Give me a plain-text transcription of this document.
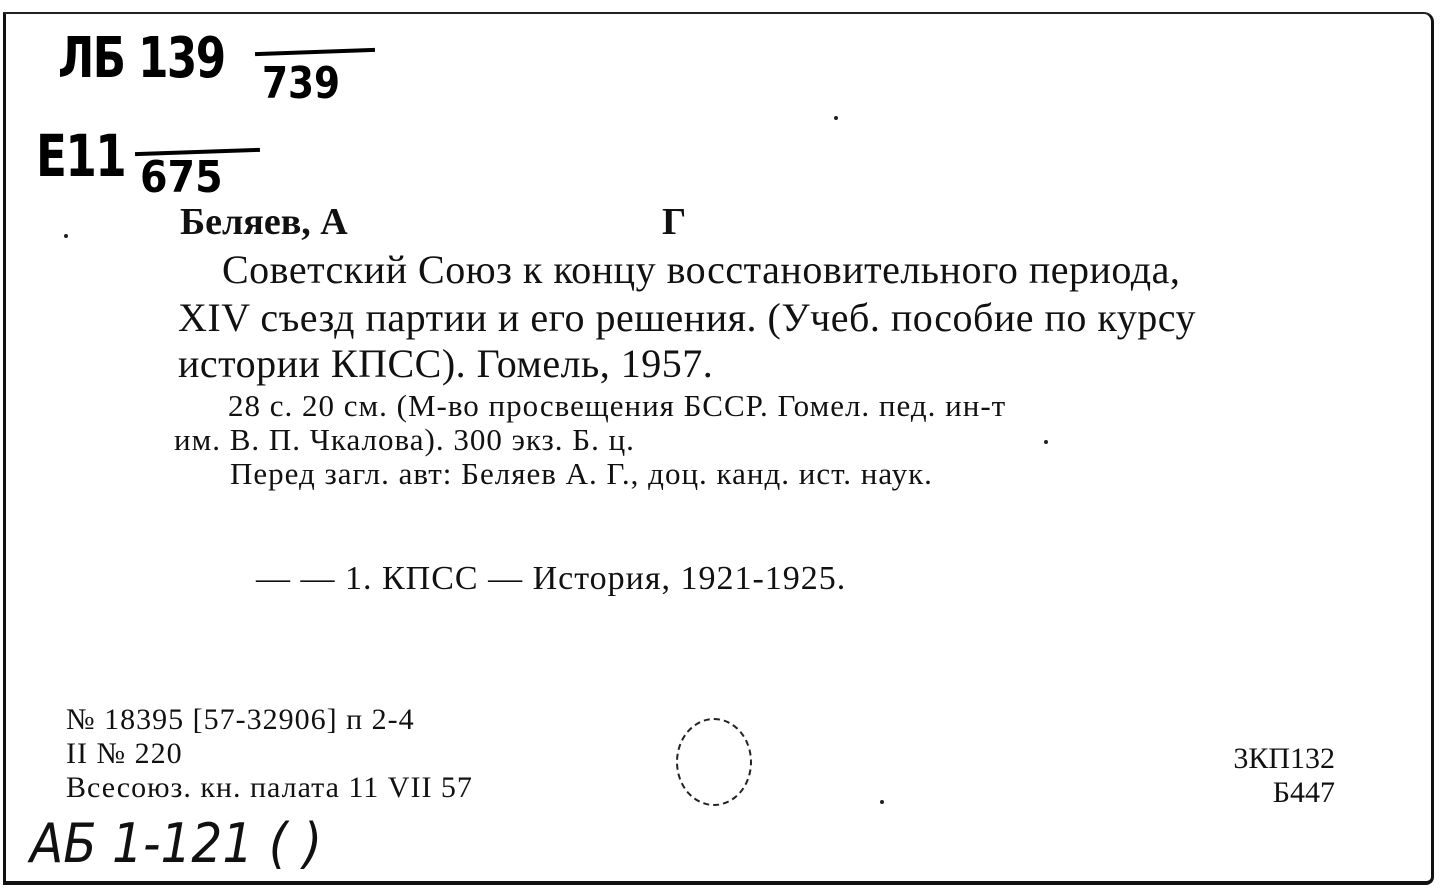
ЛБ 139 739
Е11 675
Беляев, А	Г
Советский Союз к концу восстановительного периода,
XIV съезд партии и его решения. (Учеб. пособие по курсу
истории КПСС). Гомель, 1957.
28 с. 20 см. (М-во просвещения БССР. Гомел. пед. ин-т
им. В. П. Чкалова). 300 экз. Б. ц.
Перед загл. авт: Беляев А. Г., доц. канд. ист. наук.
— — 1. КПСС — История, 1921-1925.
№ 18395 [57-32906] п 2-4
II № 220
Всесоюз. кн. палата 11 VII 57
3КП132
Б447
АБ 1-121 ( )
